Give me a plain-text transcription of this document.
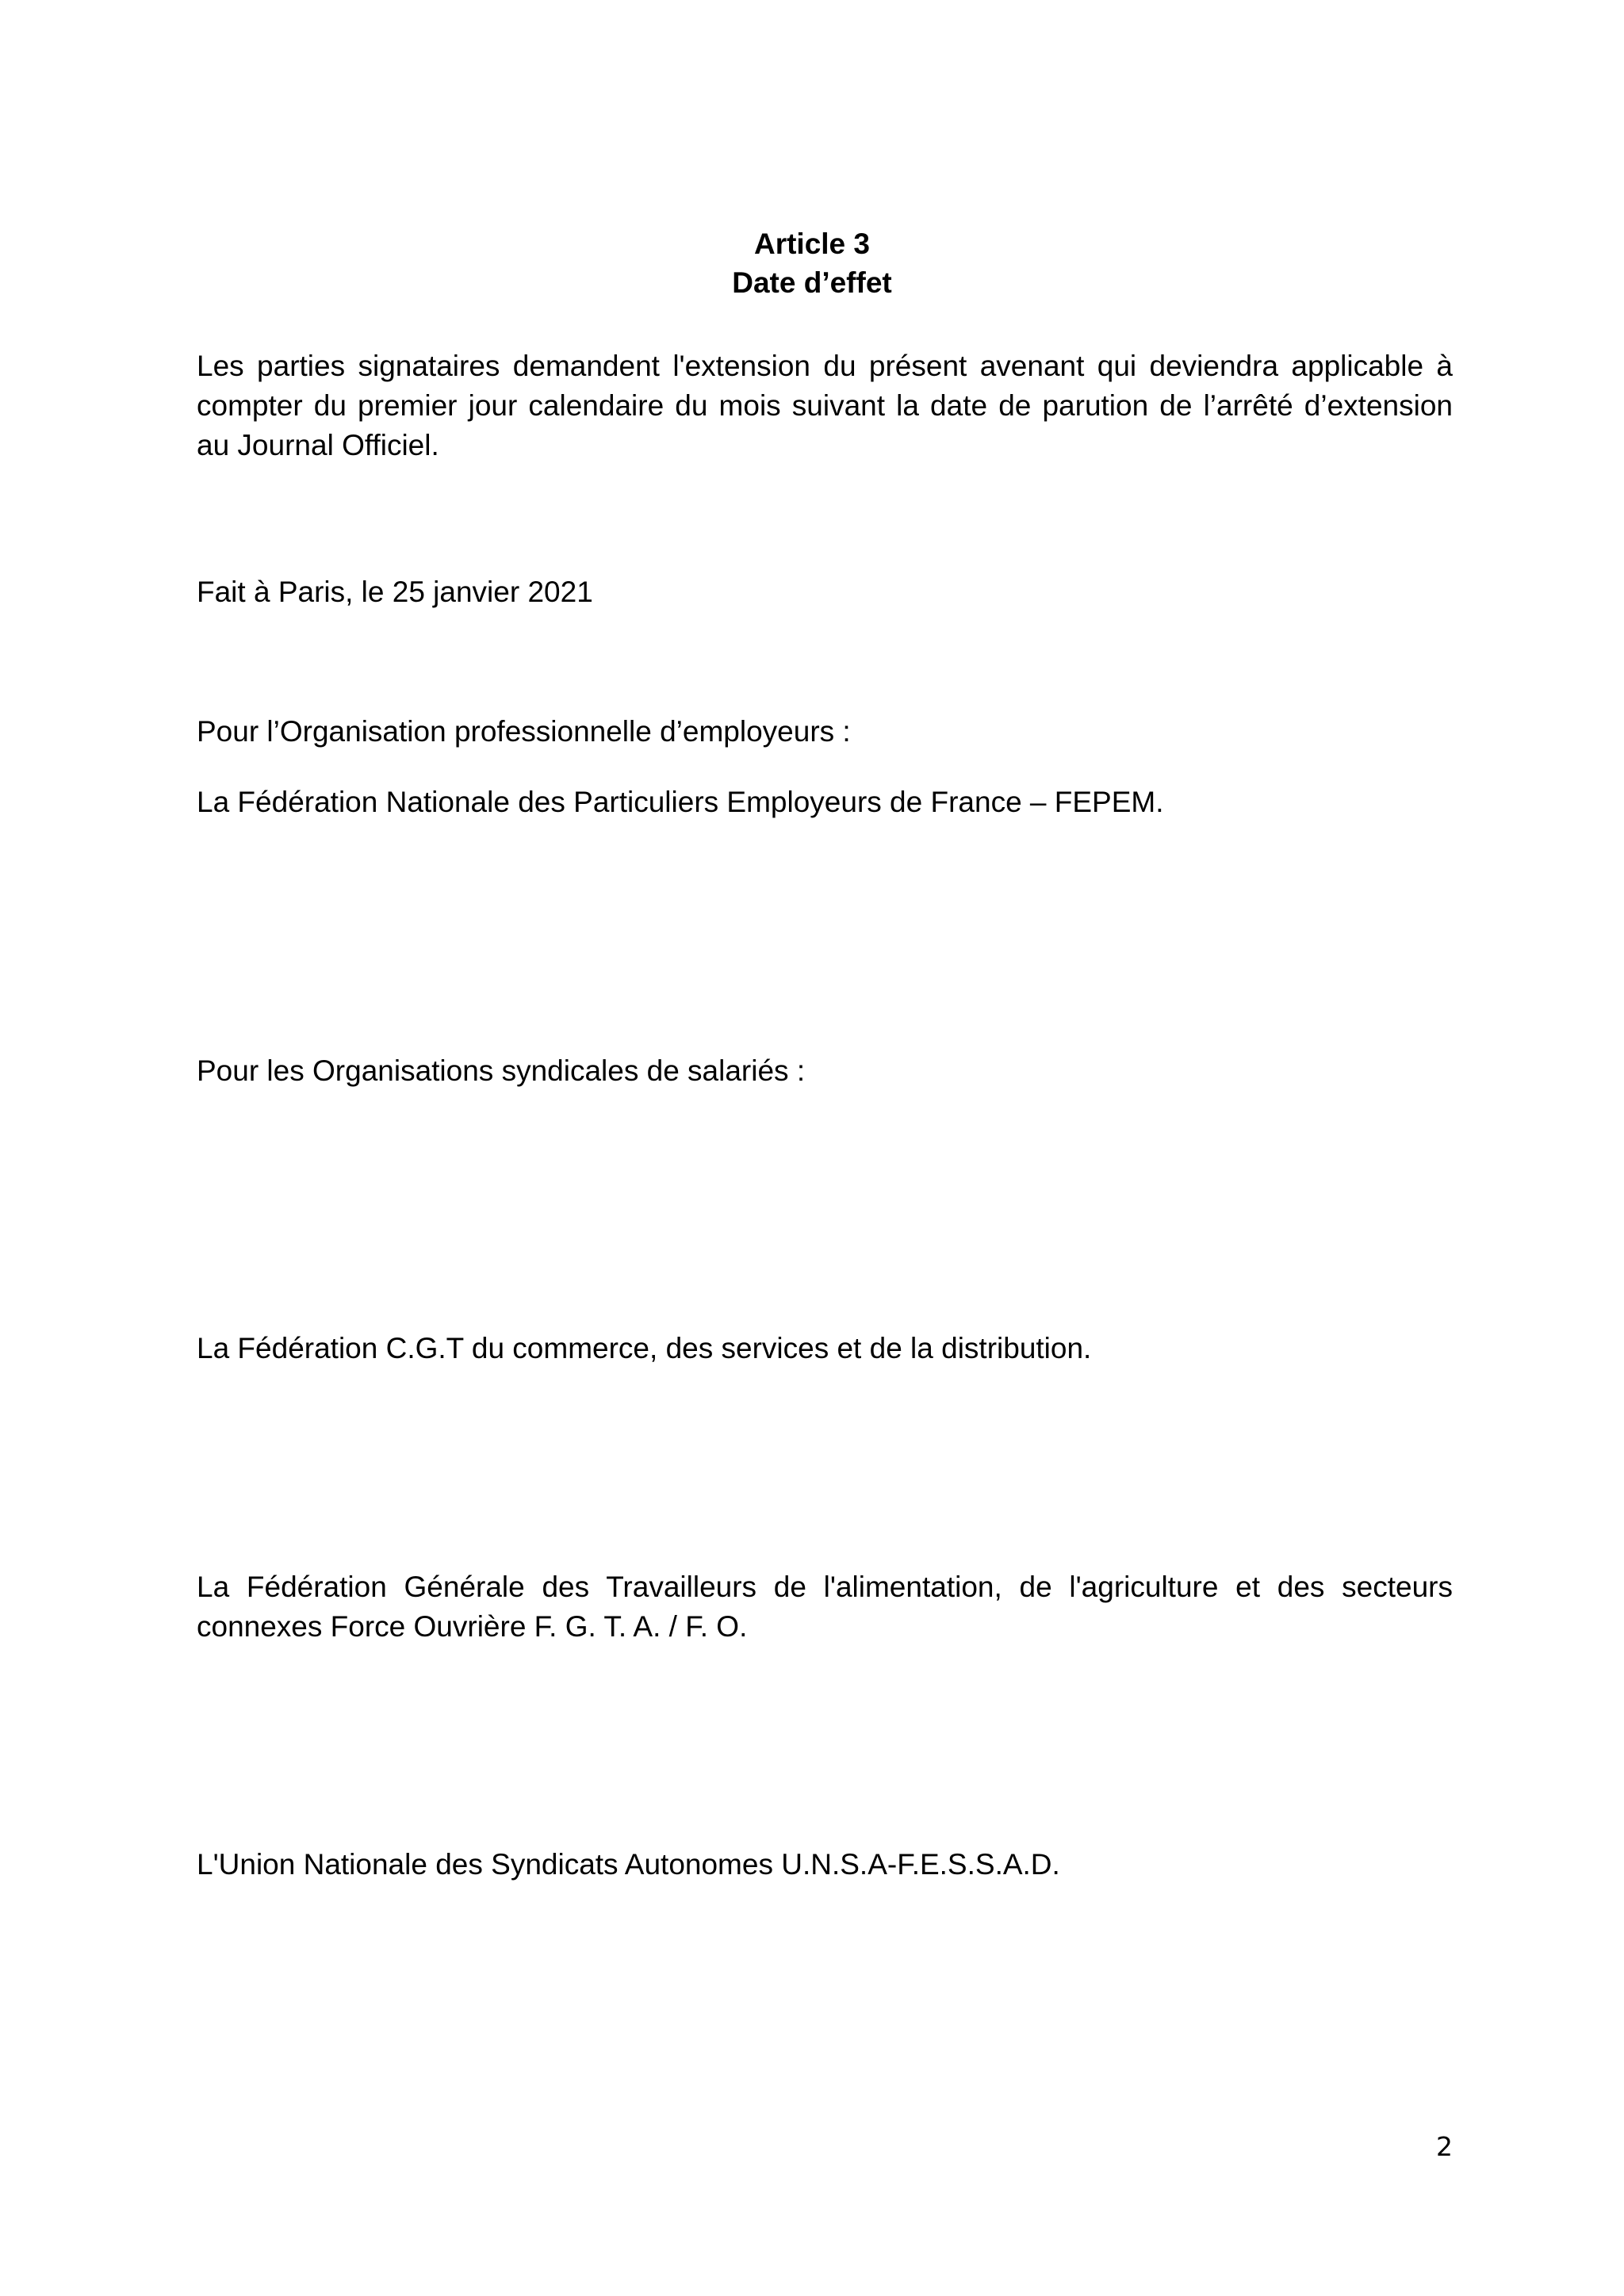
Article 3
Date d’effet
Les parties signataires demandent l'extension du présent avenant qui deviendra applicable à
compter du premier jour calendaire du mois suivant la date de parution de l’arrêté d’extension
au Journal Officiel.
Fait à Paris, le 25 janvier 2021
Pour l’Organisation professionnelle d’employeurs :
La Fédération Nationale des Particuliers Employeurs de France – FEPEM.
Pour les Organisations syndicales de salariés :
La Fédération C.G.T du commerce, des services et de la distribution.
La Fédération Générale des Travailleurs de l'alimentation, de l'agriculture et des secteurs
connexes Force Ouvrière F. G. T. A. / F. O.
L'Union Nationale des Syndicats Autonomes U.N.S.A-F.E.S.S.A.D.
2
